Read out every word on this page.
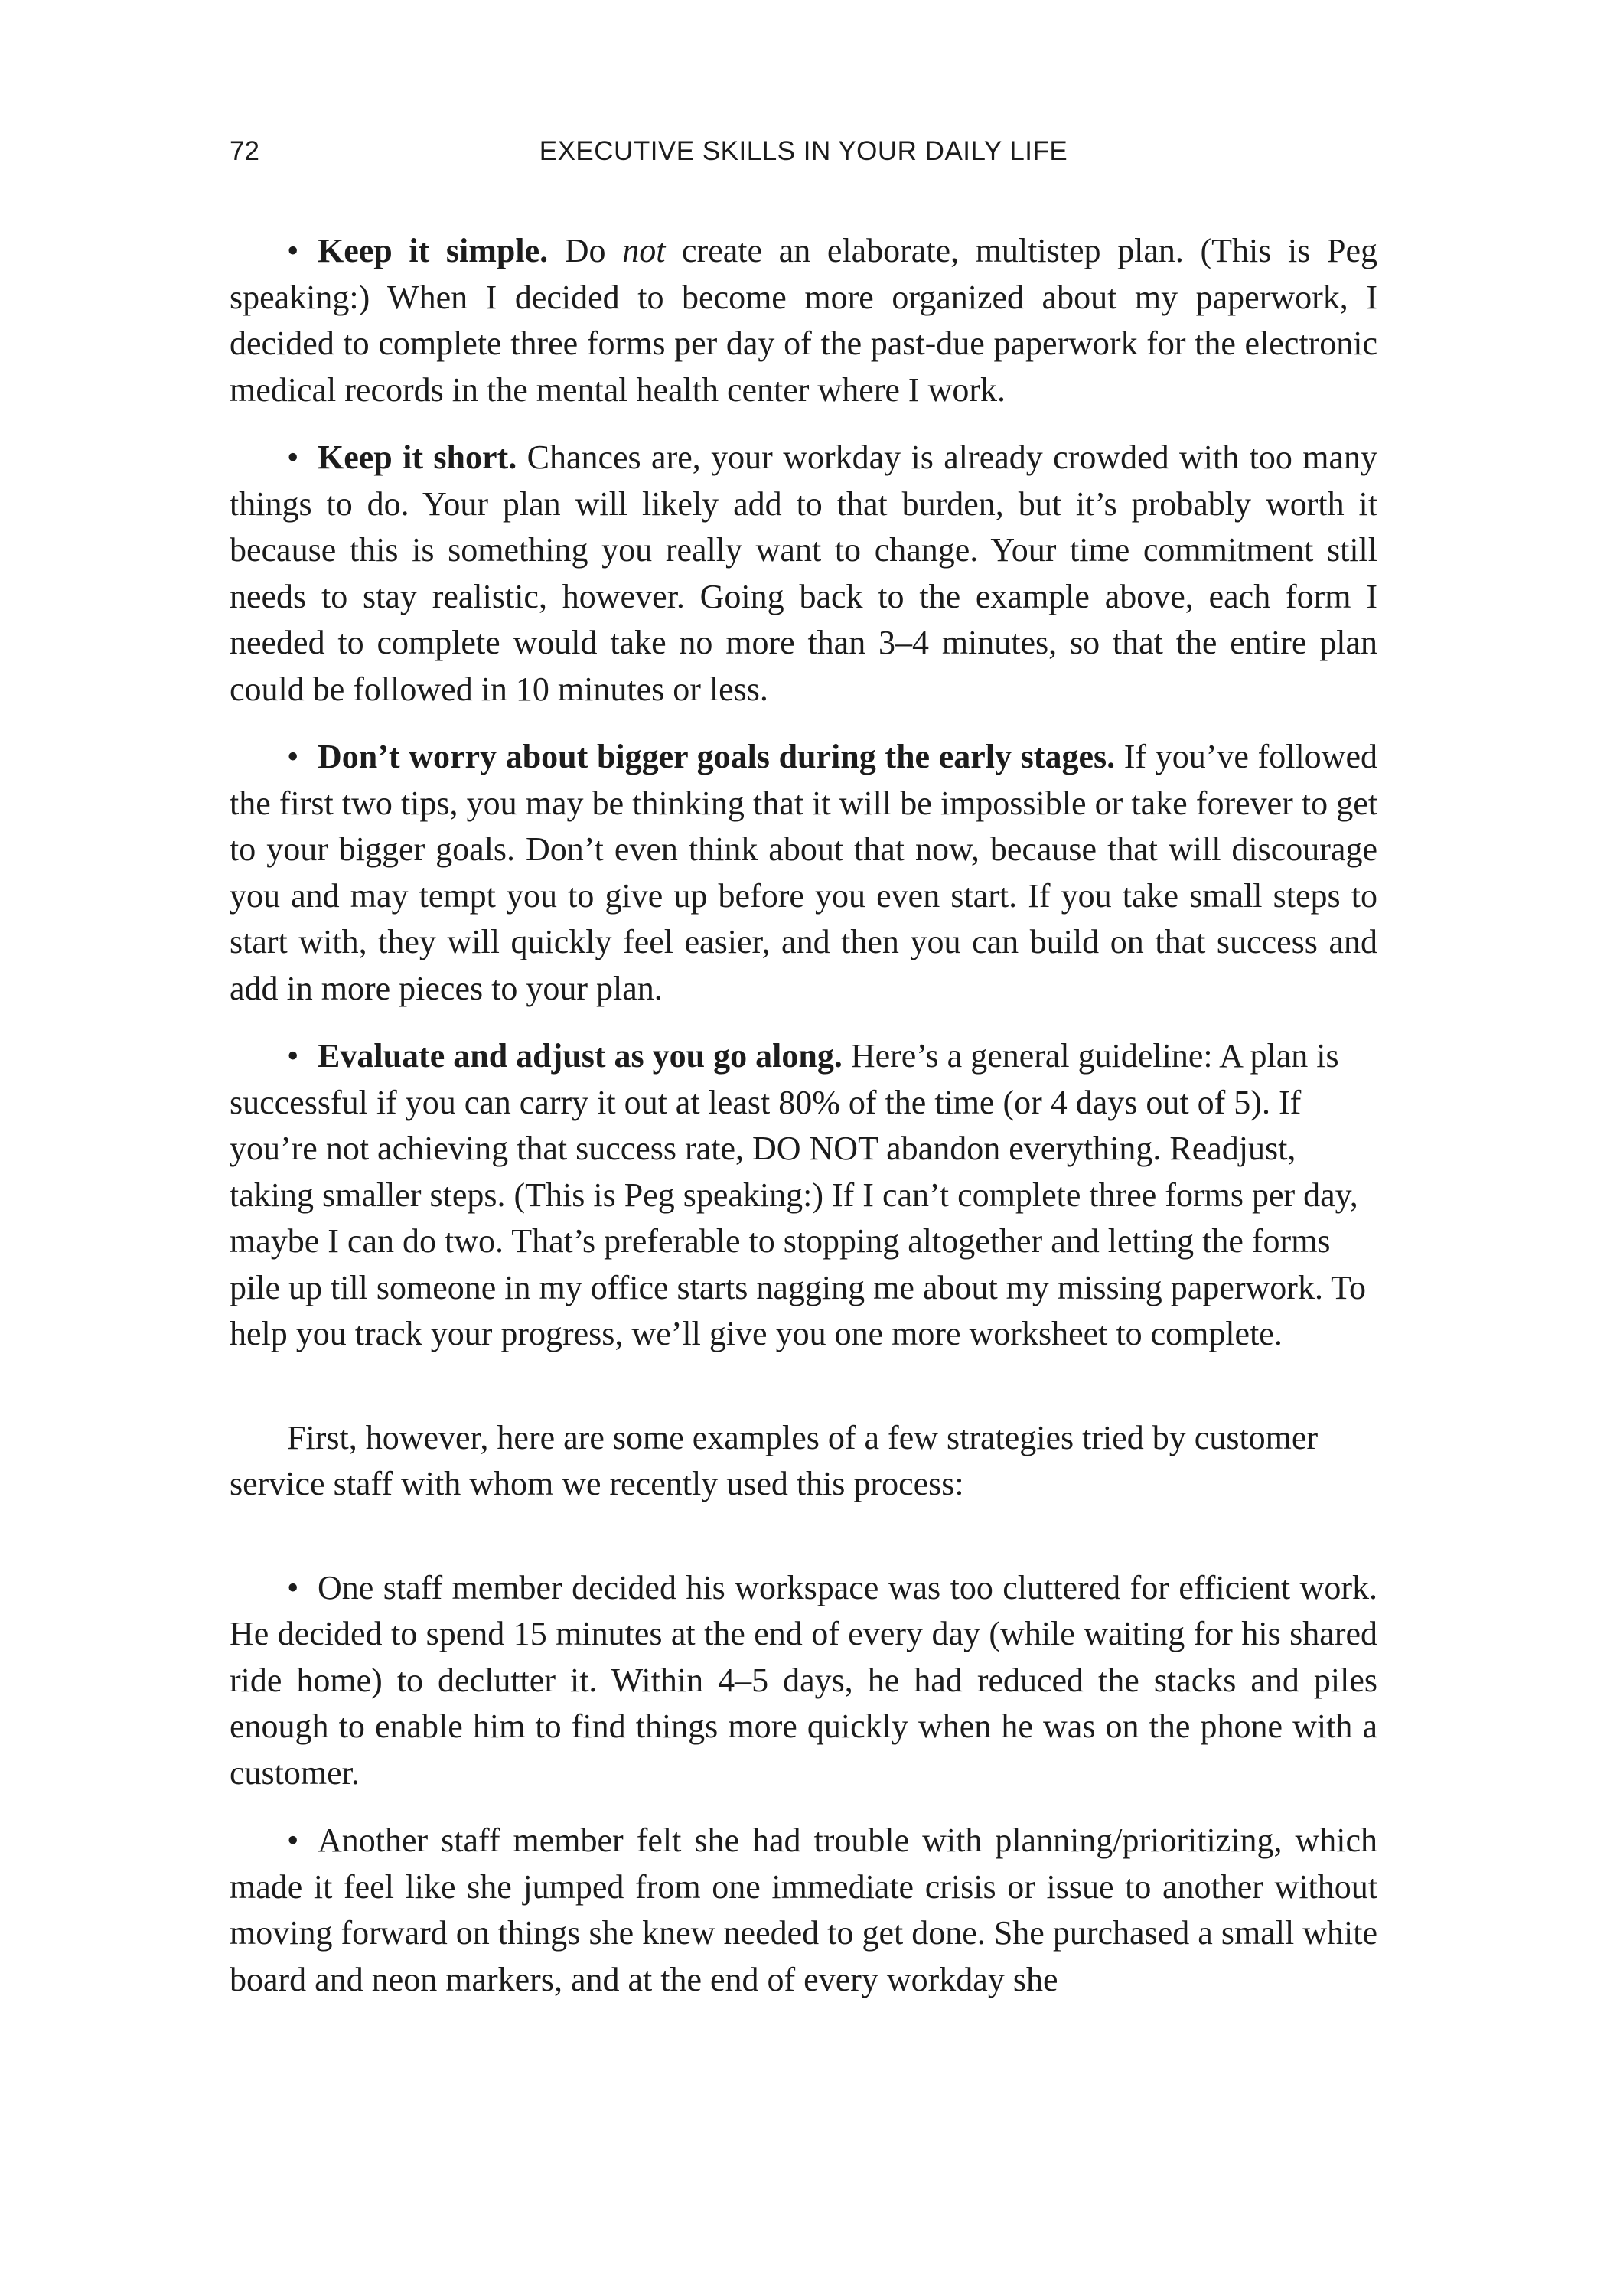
72	EXECUTIVE SKILLS IN YOUR DAILY LIFE

• Keep it simple. Do not create an elaborate, multistep plan. (This is Peg speaking:) When I decided to become more organized about my paperwork, I decided to complete three forms per day of the past-due paperwork for the electronic medical records in the mental health center where I work.

• Keep it short. Chances are, your workday is already crowded with too many things to do. Your plan will likely add to that burden, but it’s probably worth it because this is something you really want to change. Your time commitment still needs to stay realistic, however. Going back to the example above, each form I needed to complete would take no more than 3–4 minutes, so that the entire plan could be followed in 10 minutes or less.

• Don’t worry about bigger goals during the early stages. If you’ve followed the first two tips, you may be thinking that it will be impossible or take forever to get to your bigger goals. Don’t even think about that now, because that will discourage you and may tempt you to give up before you even start. If you take small steps to start with, they will quickly feel easier, and then you can build on that success and add in more pieces to your plan.

• Evaluate and adjust as you go along. Here’s a general guideline: A plan is successful if you can carry it out at least 80% of the time (or 4 days out of 5). If you’re not achieving that success rate, DO NOT abandon everything. Readjust, taking smaller steps. (This is Peg speaking:) If I can’t complete three forms per day, maybe I can do two. That’s preferable to stopping altogether and letting the forms pile up till someone in my office starts nagging me about my missing paperwork. To help you track your progress, we’ll give you one more worksheet to complete.

First, however, here are some examples of a few strategies tried by customer service staff with whom we recently used this process:

• One staff member decided his workspace was too cluttered for efficient work. He decided to spend 15 minutes at the end of every day (while waiting for his shared ride home) to declutter it. Within 4–5 days, he had reduced the stacks and piles enough to enable him to find things more quickly when he was on the phone with a customer.

• Another staff member felt she had trouble with planning/prioritizing, which made it feel like she jumped from one immediate crisis or issue to another without moving forward on things she knew needed to get done. She purchased a small white board and neon markers, and at the end of every workday she
